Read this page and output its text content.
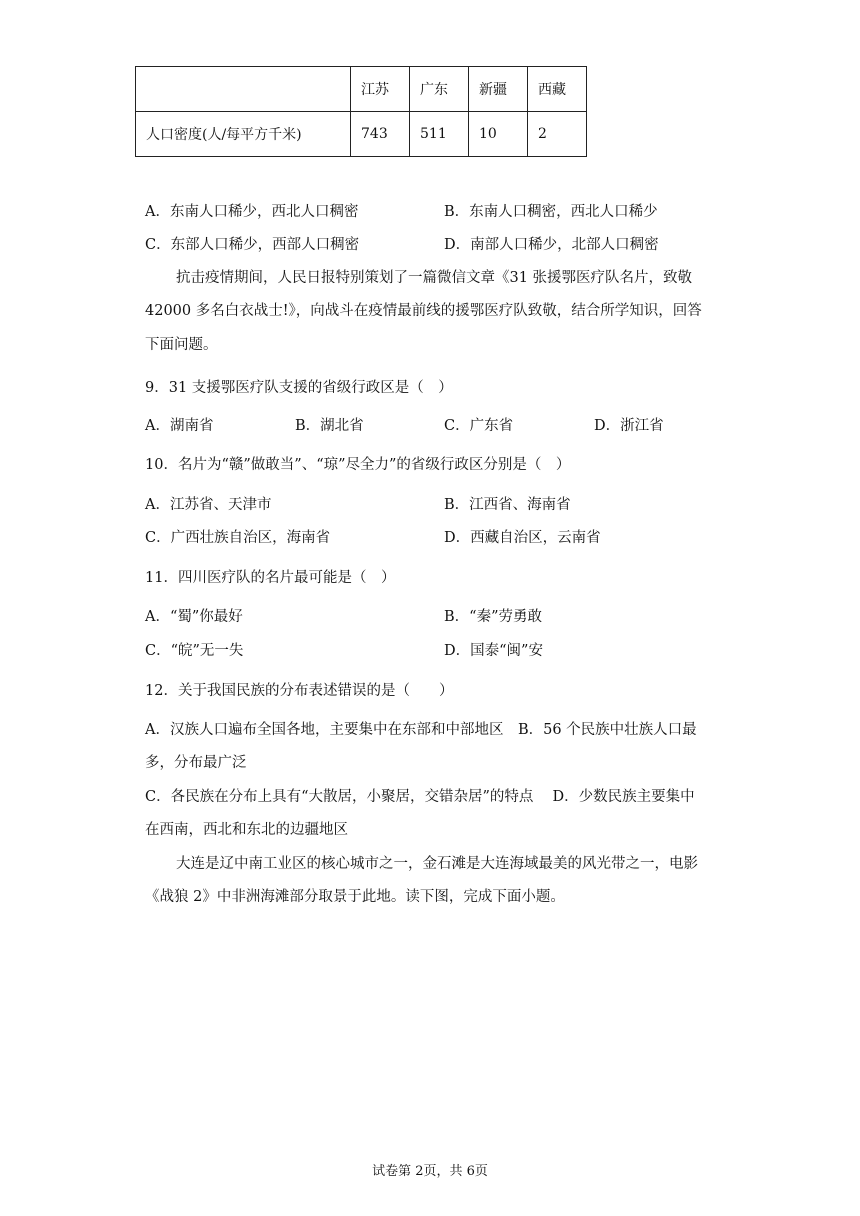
	江苏	广东	新疆	西藏
人口密度(人/每平方千米)	743	511	10	2
A．东南人口稀少，西北人口稠密	B．东南人口稠密，西北人口稀少
C．东部人口稀少，西部人口稠密	D．南部人口稀少，北部人口稠密
抗击疫情期间，人民日报特别策划了一篇微信文章《31 张援鄂医疗队名片，致敬
42000 多名白衣战士!》，向战斗在疫情最前线的援鄂医疗队致敬，结合所学知识，回答
下面问题。
9．31 支援鄂医疗队支援的省级行政区是（　）
A．湖南省	B．湖北省	C．广东省	D．浙江省
10．名片为“赣”做敢当”、“琼”尽全力”的省级行政区分别是（　）
A．江苏省、天津市	B．江西省、海南省
C．广西壮族自治区，海南省	D．西藏自治区，云南省
11．四川医疗队的名片最可能是（　）
A．“蜀”你最好	B．“秦”劳勇敢
C．“皖”无一失	D．国泰“闽”安
12．关于我国民族的分布表述错误的是（　　）
A．汉族人口遍布全国各地，主要集中在东部和中部地区　B．56 个民族中壮族人口最
多，分布最广泛
C．各民族在分布上具有“大散居，小聚居，交错杂居”的特点　 D．少数民族主要集中
在西南，西北和东北的边疆地区
大连是辽中南工业区的核心城市之一，金石滩是大连海域最美的风光带之一，电影
《战狼 2》中非洲海滩部分取景于此地。读下图，完成下面小题。
试卷第 2页，共 6页
